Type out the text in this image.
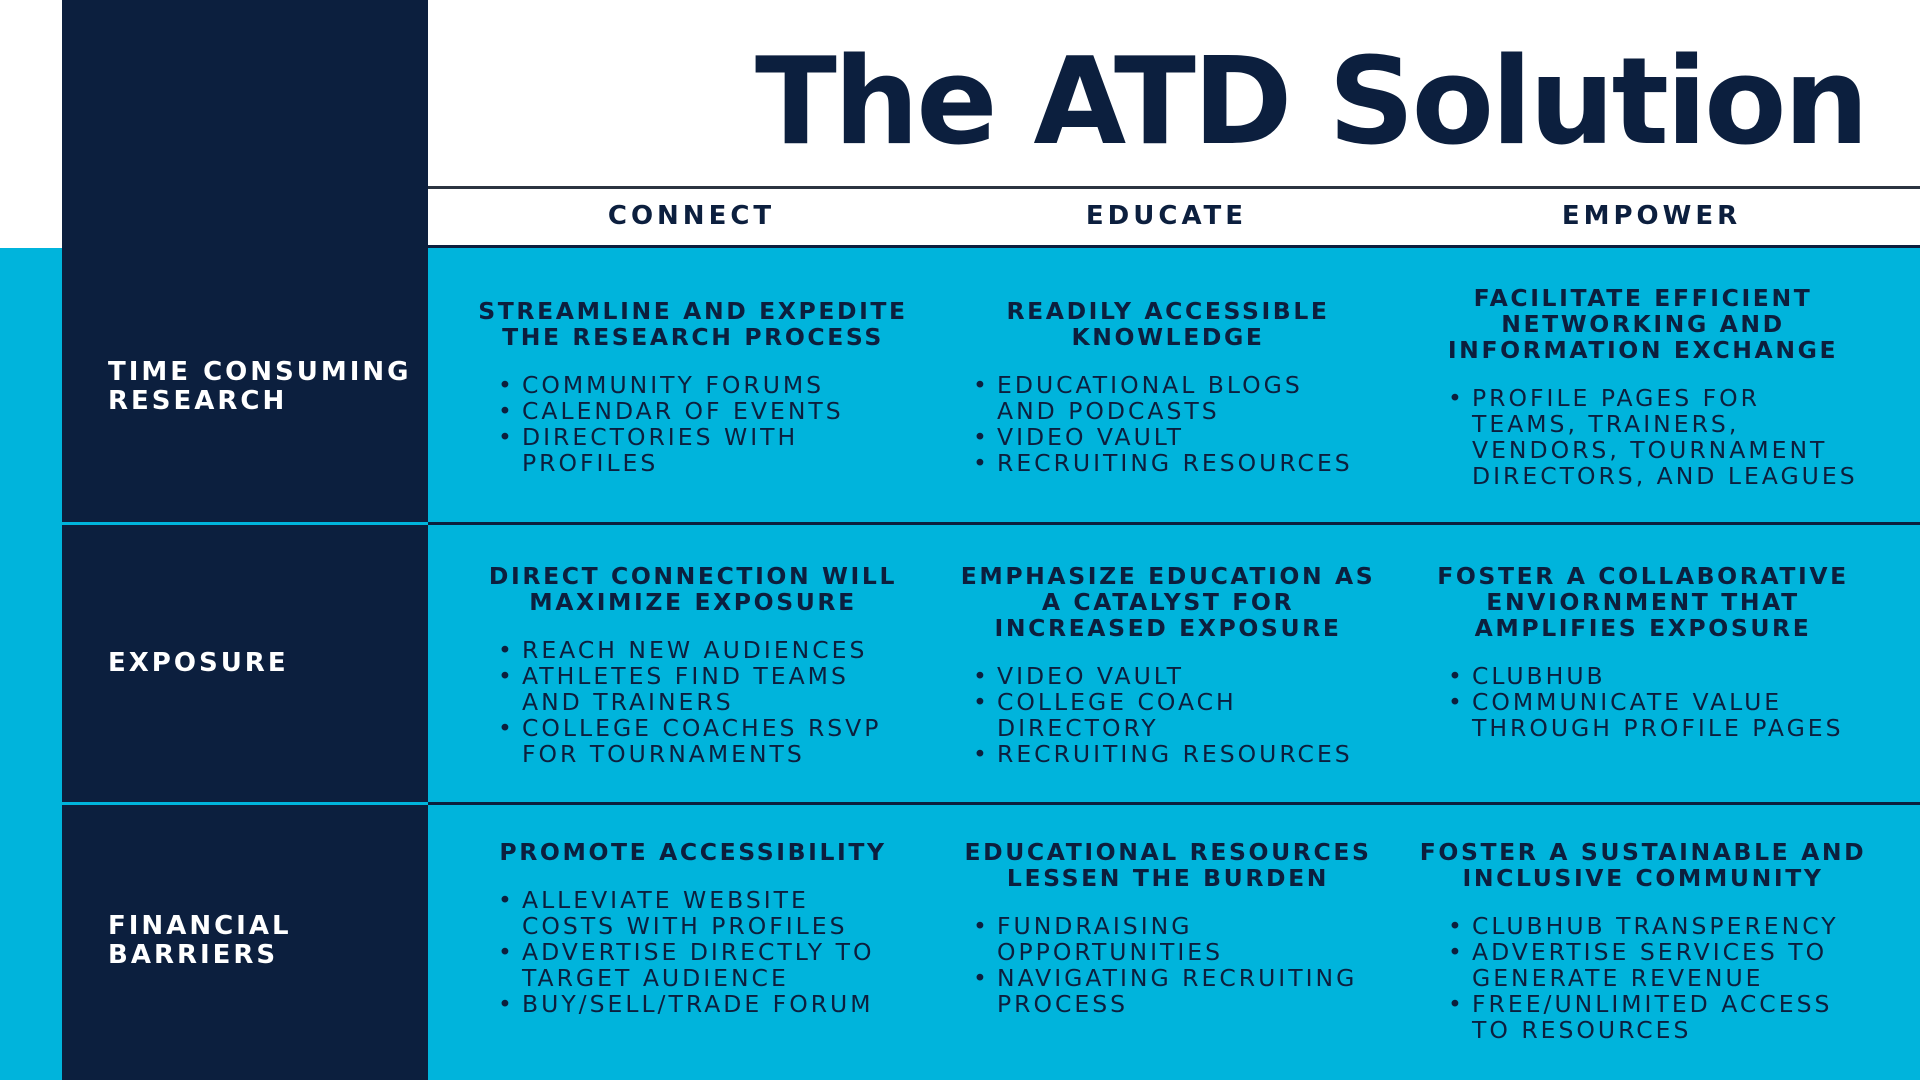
The ATD Solution
CONNECT	EDUCATE	EMPOWER
TIME CONSUMING
RESEARCH
EXPOSURE
FINANCIAL
BARRIERS
STREAMLINE AND EXPEDITE
THE RESEARCH PROCESS
• COMMUNITY FORUMS
• CALENDAR OF EVENTS
• DIRECTORIES WITH
PROFILES
READILY ACCESSIBLE
KNOWLEDGE
• EDUCATIONAL BLOGS
AND PODCASTS
• VIDEO VAULT
• RECRUITING RESOURCES
FACILITATE EFFICIENT
NETWORKING AND
INFORMATION EXCHANGE
• PROFILE PAGES FOR
TEAMS, TRAINERS,
VENDORS, TOURNAMENT
DIRECTORS, AND LEAGUES
DIRECT CONNECTION WILL
MAXIMIZE EXPOSURE
• REACH NEW AUDIENCES
• ATHLETES FIND TEAMS
AND TRAINERS
• COLLEGE COACHES RSVP
FOR TOURNAMENTS
EMPHASIZE EDUCATION AS
A CATALYST FOR
INCREASED EXPOSURE
• VIDEO VAULT
• COLLEGE COACH
DIRECTORY
• RECRUITING RESOURCES
FOSTER A COLLABORATIVE
ENVIORNMENT THAT
AMPLIFIES EXPOSURE
• CLUBHUB
• COMMUNICATE VALUE
THROUGH PROFILE PAGES
PROMOTE ACCESSIBILITY
• ALLEVIATE WEBSITE
COSTS WITH PROFILES
• ADVERTISE DIRECTLY TO
TARGET AUDIENCE
• BUY/SELL/TRADE FORUM
EDUCATIONAL RESOURCES
LESSEN THE BURDEN
• FUNDRAISING
OPPORTUNITIES
• NAVIGATING RECRUITING
PROCESS
FOSTER A SUSTAINABLE AND
INCLUSIVE COMMUNITY
• CLUBHUB TRANSPERENCY
• ADVERTISE SERVICES TO
GENERATE REVENUE
• FREE/UNLIMITED ACCESS
TO RESOURCES
